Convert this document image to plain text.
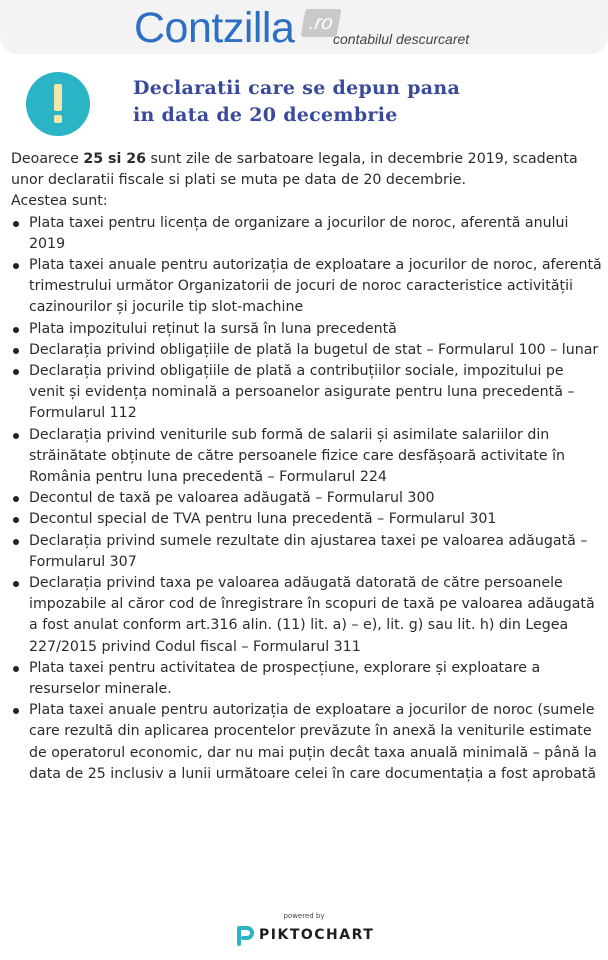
Contzilla .ro
contabilul descurcaret
Declaratii care se depun pana
in data de 20 decembrie

Deoarece 25 si 26 sunt zile de sarbatoare legala, in decembrie 2019, scadenta unor declaratii fiscale si plati se muta pe data de 20 decembrie.

Acestea sunt:

Plata taxei pentru licența de organizare a jocurilor de noroc, aferentă anului 2019
Plata taxei anuale pentru autorizația de exploatare a jocurilor de noroc, aferentă trimestrului următor Organizatorii de jocuri de noroc caracteristice activității cazinourilor și jocurile tip slot-machine
Plata impozitului reținut la sursă în luna precedentă
Declarația privind obligațiile de plată la bugetul de stat – Formularul 100 – lunar
Declarația privind obligațiile de plată a contribuțiilor sociale, impozitului pe venit și evidența nominală a persoanelor asigurate pentru luna precedentă – Formularul 112
Declarația privind veniturile sub formă de salarii și asimilate salariilor din străinătate obținute de către persoanele fizice care desfășoară activitate în România pentru luna precedentă – Formularul 224
Decontul de taxă pe valoarea adăugată – Formularul 300
Decontul special de TVA pentru luna precedentă – Formularul 301
Declarația privind sumele rezultate din ajustarea taxei pe valoarea adăugată – Formularul 307
Declarația privind taxa pe valoarea adăugată datorată de către persoanele impozabile al căror cod de înregistrare în scopuri de taxă pe valoarea adăugată a fost anulat conform art.316 alin. (11) lit. a) – e), lit. g) sau lit. h) din Legea 227/2015 privind Codul fiscal – Formularul 311
Plata taxei pentru activitatea de prospecțiune, explorare și exploatare a resurselor minerale.
Plata taxei anuale pentru autorizația de exploatare a jocurilor de noroc (sumele care rezultă din aplicarea procentelor prevăzute în anexă la veniturile estimate de operatorul economic, dar nu mai puțin decât taxa anuală minimală – până la data de 25 inclusiv a lunii următoare celei în care documentația a fost aprobată
powered by
PIKTOCHART
